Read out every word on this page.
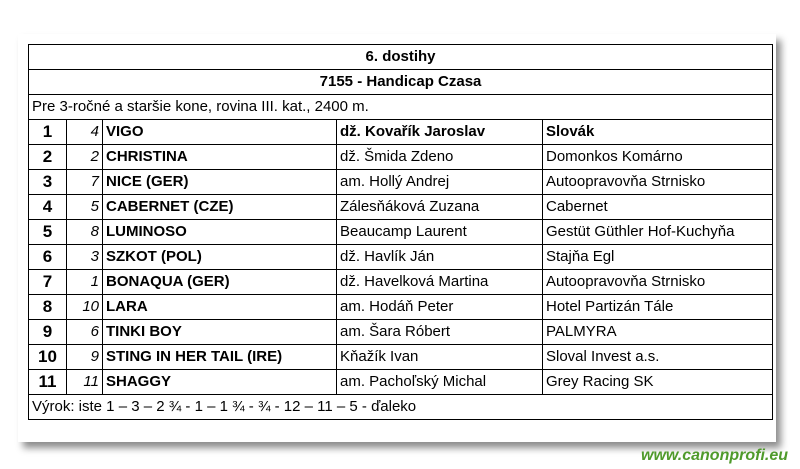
6. dostihy				
7155 - Handicap Czasa				
Pre 3-ročné a staršie kone, rovina III. kat., 2400 m.				
1	4	VIGO	dž. Kovařík Jaroslav	Slovák
2	2	CHRISTINA	dž. Šmida Zdeno	Domonkos Komárno
3	7	NICE (GER)	am. Hollý Andrej	Autoopravovňa Strnisko
4	5	CABERNET (CZE)	Zálesňáková Zuzana	Cabernet
5	8	LUMINOSO	Beaucamp Laurent	Gestüt Güthler Hof-Kuchyňa
6	3	SZKOT (POL)	dž. Havlík Ján	Stajňa Egl
7	1	BONAQUA (GER)	dž. Havelková Martina	Autoopravovňa Strnisko
8	10	LARA	am. Hodáň Peter	Hotel Partizán Tále
9	6	TINKI BOY	am. Šara Róbert	PALMYRA
10	9	STING IN HER TAIL (IRE)	Kňažík Ivan	Sloval Invest a.s.
11	11	SHAGGY	am. Pachoľský Michal	Grey Racing SK
Výrok: iste 1 – 3 – 2 ¾ - 1 – 1 ¾ - ¾ - 12 – 11 – 5 - ďaleko				
www.canonprofi.eu
